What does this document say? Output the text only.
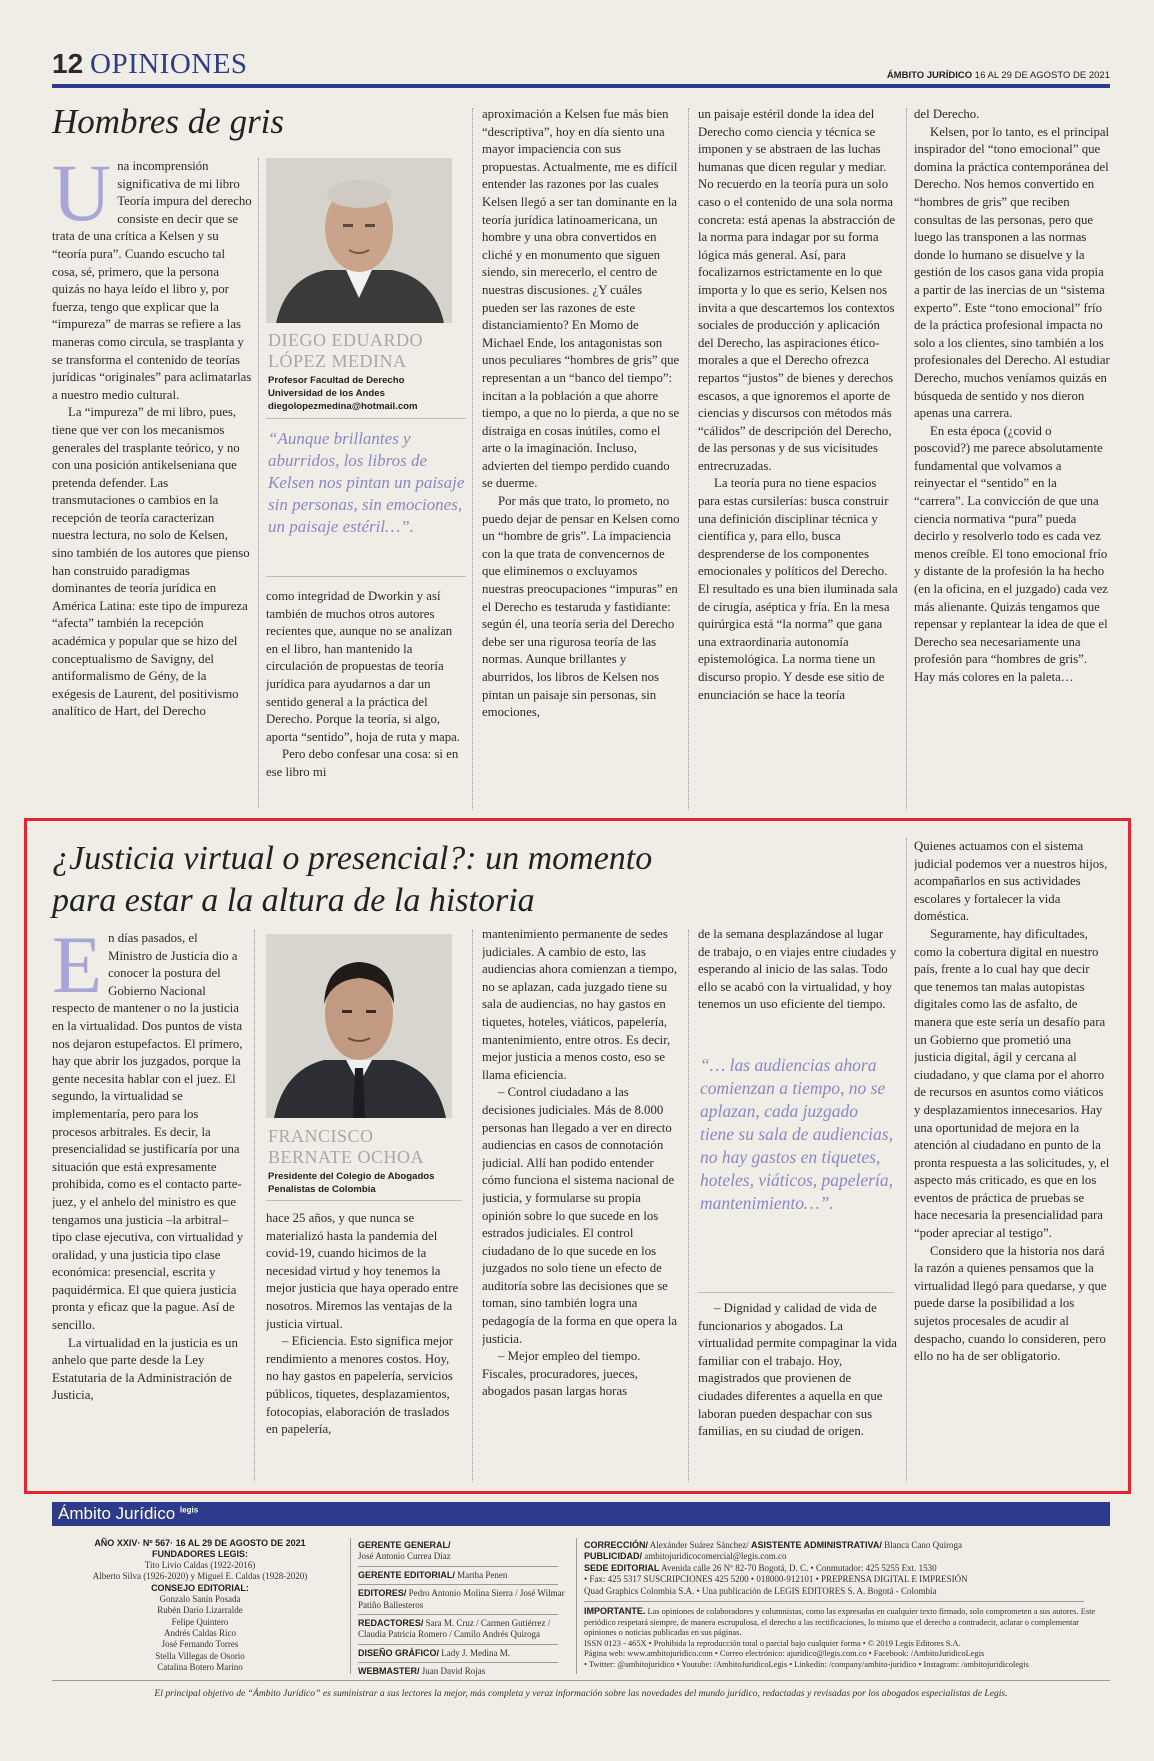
12 OPINIONES	ÁMBITO JURÍDICO 16 AL 29 DE AGOSTO DE 2021
Hombres de gris

Una incomprensión significativa de mi libro Teoría impura del derecho consiste en decir que se trata de una crítica a Kelsen y su “teoría pura”. Cuando escucho tal cosa, sé, primero, que la persona quizás no haya leído el libro y, por fuerza, tengo que explicar que la “impureza” de marras se refiere a las maneras como circula, se trasplanta y se transforma el contenido de teorías jurídicas “originales” para aclimatarlas a nuestro medio cultural.

La “impureza” de mi libro, pues, tiene que ver con los mecanismos generales del trasplante teórico, y no con una posición antikelseniana que pretenda defender. Las transmutaciones o cambios en la recepción de teoría caracterizan nuestra lectura, no solo de Kelsen, sino también de los autores que pienso han construido paradigmas dominantes de teoría jurídica en América Latina: este tipo de impureza “afecta” también la recepción académica y popular que se hizo del conceptualismo de Savigny, del antiformalismo de Gény, de la exégesis de Laurent, del positivismo analítico de Hart, del Derecho

DIEGO EDUARDO
LÓPEZ MEDINA
Profesor Facultad de Derecho
Universidad de los Andes
diegolopezmedina@hotmail.com
“Aunque brillantes y aburridos, los libros de Kelsen nos pintan un paisaje sin personas, sin emociones, un paisaje estéril…”.

como integridad de Dworkin y así también de muchos otros autores recientes que, aunque no se analizan en el libro, han mantenido la circulación de propuestas de teoría jurídica para ayudarnos a dar un sentido general a la práctica del Derecho. Porque la teoría, si algo, aporta “sentido”, hoja de ruta y mapa.

Pero debo confesar una cosa: si en ese libro mi

aproximación a Kelsen fue más bien “descriptiva”, hoy en día siento una mayor impaciencia con sus propuestas. Actualmente, me es difícil entender las razones por las cuales Kelsen llegó a ser tan dominante en la teoría jurídica latinoamericana, un hombre y una obra convertidos en cliché y en monumento que siguen siendo, sin merecerlo, el centro de nuestras discusiones. ¿Y cuáles pueden ser las razones de este distanciamiento? En Momo de Michael Ende, los antagonistas son unos peculiares “hombres de gris” que representan a un “banco del tiempo”: incitan a la población a que ahorre tiempo, a que no lo pierda, a que no se distraiga en cosas inútiles, como el arte o la imaginación. Incluso, advierten del tiempo perdido cuando se duerme.

Por más que trato, lo prometo, no puedo dejar de pensar en Kelsen como un “hombre de gris”. La impaciencia con la que trata de convencernos de que eliminemos o excluyamos nuestras preocupaciones “impuras” en el Derecho es testaruda y fastidiante: según él, una teoría seria del Derecho debe ser una rigurosa teoría de las normas. Aunque brillantes y aburridos, los libros de Kelsen nos pintan un paisaje sin personas, sin emociones,

un paisaje estéril donde la idea del Derecho como ciencia y técnica se imponen y se abstraen de las luchas humanas que dicen regular y mediar. No recuerdo en la teoría pura un solo caso o el contenido de una sola norma concreta: está apenas la abstracción de la norma para indagar por su forma lógica más general. Así, para focalizarnos estrictamente en lo que importa y lo que es serio, Kelsen nos invita a que descartemos los contextos sociales de producción y aplicación del Derecho, las aspiraciones ético-morales a que el Derecho ofrezca repartos “justos” de bienes y derechos escasos, a que ignoremos el aporte de ciencias y discursos con métodos más “cálidos” de descripción del Derecho, de las personas y de sus vicisitudes entrecruzadas.

La teoría pura no tiene espacios para estas cursilerías: busca construir una definición disciplinar técnica y científica y, para ello, busca desprenderse de los componentes emocionales y políticos del Derecho. El resultado es una bien iluminada sala de cirugía, aséptica y fría. En la mesa quirúrgica está “la norma” que gana una extraordinaria autonomía epistemológica. La norma tiene un discurso propio. Y desde ese sitio de enunciación se hace la teoría

del Derecho.

Kelsen, por lo tanto, es el principal inspirador del “tono emocional” que domina la práctica contemporánea del Derecho. Nos hemos convertido en “hombres de gris” que reciben consultas de las personas, pero que luego las transponen a las normas donde lo humano se disuelve y la gestión de los casos gana vida propia a partir de las inercias de un “sistema experto”. Este “tono emocional” frío de la práctica profesional impacta no solo a los clientes, sino también a los profesionales del Derecho. Al estudiar Derecho, muchos veníamos quizás en búsqueda de sentido y nos dieron apenas una carrera.

En esta época (¿covid o poscovid?) me parece absolutamente fundamental que volvamos a reinyectar el “sentido” en la “carrera”. La convicción de que una ciencia normativa “pura” pueda decirlo y resolverlo todo es cada vez menos creíble. El tono emocional frío y distante de la profesión la ha hecho (en la oficina, en el juzgado) cada vez más alienante. Quizás tengamos que repensar y replantear la idea de que el Derecho sea necesariamente una profesión para “hombres de gris”. Hay más colores en la paleta…

¿Justicia virtual o presencial?: un momento
para estar a la altura de la historia

En días pasados, el Ministro de Justicia dio a conocer la postura del Gobierno Nacional respecto de mantener o no la justicia en la virtualidad. Dos puntos de vista nos dejaron estupefactos. El primero, hay que abrir los juzgados, porque la gente necesita hablar con el juez. El segundo, la virtualidad se implementaría, pero para los procesos arbitrales. Es decir, la presencialidad se justificaría por una situación que está expresamente prohibida, como es el contacto parte-juez, y el anhelo del ministro es que tengamos una justicia –la arbitral– tipo clase ejecutiva, con virtualidad y oralidad, y una justicia tipo clase económica: presencial, escrita y paquidérmica. El que quiera justicia pronta y eficaz que la pague. Así de sencillo.

La virtualidad en la justicia es un anhelo que parte desde la Ley Estatutaria de la Administración de Justicia,

FRANCISCO
BERNATE OCHOA
Presidente del Colegio de Abogados
Penalistas de Colombia

hace 25 años, y que nunca se materializó hasta la pandemia del covid-19, cuando hicimos de la necesidad virtud y hoy tenemos la mejor justicia que haya operado entre nosotros. Miremos las ventajas de la justicia virtual.

– Eficiencia. Esto significa mejor rendimiento a menores costos. Hoy, no hay gastos en papelería, servicios públicos, tiquetes, desplazamientos, fotocopias, elaboración de traslados en papelería,

mantenimiento permanente de sedes judiciales. A cambio de esto, las audiencias ahora comienzan a tiempo, no se aplazan, cada juzgado tiene su sala de audiencias, no hay gastos en tiquetes, hoteles, viáticos, papelería, mantenimiento, entre otros. Es decir, mejor justicia a menos costo, eso se llama eficiencia.

– Control ciudadano a las decisiones judiciales. Más de 8.000 personas han llegado a ver en directo audiencias en casos de connotación judicial. Allí han podido entender cómo funciona el sistema nacional de justicia, y formularse su propia opinión sobre lo que sucede en los estrados judiciales. El control ciudadano de lo que sucede en los juzgados no solo tiene un efecto de auditoría sobre las decisiones que se toman, sino también logra una pedagogía de la forma en que opera la justicia.

– Mejor empleo del tiempo. Fiscales, procuradores, jueces, abogados pasan largas horas

de la semana desplazándose al lugar de trabajo, o en viajes entre ciudades y esperando al inicio de las salas. Todo ello se acabó con la virtualidad, y hoy tenemos un uso eficiente del tiempo.

“… las audiencias ahora comienzan a tiempo, no se aplazan, cada juzgado tiene su sala de audiencias, no hay gastos en tiquetes, hoteles, viáticos, papelería, mantenimiento…”.

– Dignidad y calidad de vida de funcionarios y abogados. La virtualidad permite compaginar la vida familiar con el trabajo. Hoy, magistrados que provienen de ciudades diferentes a aquella en que laboran pueden despachar con sus familias, en su ciudad de origen.

Quienes actuamos con el sistema judicial podemos ver a nuestros hijos, acompañarlos en sus actividades escolares y fortalecer la vida doméstica.

Seguramente, hay dificultades, como la cobertura digital en nuestro país, frente a lo cual hay que decir que tenemos tan malas autopistas digitales como las de asfalto, de manera que este sería un desafío para un Gobierno que prometió una justicia digital, ágil y cercana al ciudadano, y que clama por el ahorro de recursos en asuntos como viáticos y desplazamientos innecesarios. Hay una oportunidad de mejora en la atención al ciudadano en punto de la pronta respuesta a las solicitudes, y, el aspecto más criticado, es que en los eventos de práctica de pruebas se hace necesaria la presencialidad para “poder apreciar al testigo”.

Considero que la historia nos dará la razón a quienes pensamos que la virtualidad llegó para quedarse, y que puede darse la posibilidad a los sujetos procesales de acudir al despacho, cuando lo consideren, pero ello no ha de ser obligatorio.

Ámbito Jurídico $^{legis}$
AÑO XXIV· Nº 567· 16 AL 29 DE AGOSTO DE 2021
FUNDADORES LEGIS:
Tito Livio Caldas (1922-2016)
Alberto Silva (1926-2020) y Miguel E. Caldas (1928-2020)
CONSEJO EDITORIAL:
Gonzalo Sanín Posada
Rubén Darío Lizarralde
Felipe Quintero
Andrés Caldas Rico
José Fernando Torres
Stella Villegas de Osorio
Catalina Botero Marino
GERENTE GENERAL/
José Antonio Currea Díaz
GERENTE EDITORIAL/ Martha Penen
EDITORES/ Pedro Antonio Molina Sierra / José Wilmar Patiño Ballesteros
REDACTORES/ Sara M. Cruz / Carmen Gutiérrez / Claudia Patricia Romero / Camilo Andrés Quiroga
DISEÑO GRÁFICO/ Lady J. Medina M.
WEBMASTER/ Juan David Rojas
CORRECCIÓN/ Alexánder Suárez Sánchez/ ASISTENTE ADMINISTRATIVA/ Blanca Cano Quiroga
PUBLICIDAD/ ambitojuridicocomercial@legis.com.co
SEDE EDITORIAL Avenida calle 26 Nº 82-70 Bogotá, D. C. • Conmutador: 425 5255 Ext. 1530
• Fax: 425 5317 SUSCRIPCIONES 425 5200 • 018000-912101 • PREPRENSA DIGITAL E IMPRESIÓN
Quad Graphics Colombia S.A. • Una publicación de LEGIS EDITORES S. A. Bogotá - Colombia
IMPORTANTE. Las opiniones de colaboradores y columnistas, como las expresadas en cualquier texto firmado, solo comprometen a sus autores. Este periódico respetará siempre, de manera escrupulosa, el derecho a las rectificaciones, lo mismo que el derecho a contradecir, aclarar o complementar opiniones o noticias publicadas en sus páginas.
ISSN 0123 - 465X • Prohibida la reproducción total o parcial bajo cualquier forma • © 2019 Legis Editores S.A.
Página web: www.ambitojuridico.com • Correo electrónico: ajuridico@legis.com.co • Facebook: /AmbitoJuridicoLegis
• Twitter: @ambitojuridico • Youtube: /AmbitoJuridicoLegis • Linkedin: /company/ambito-juridico • Instagram: /ambitojuridicolegis
El principal objetivo de “Ámbito Jurídico” es suministrar a sus lectores la mejor, más completa y veraz información sobre las novedades del mundo jurídico, redactadas y revisadas por los abogados especialistas de Legis.
